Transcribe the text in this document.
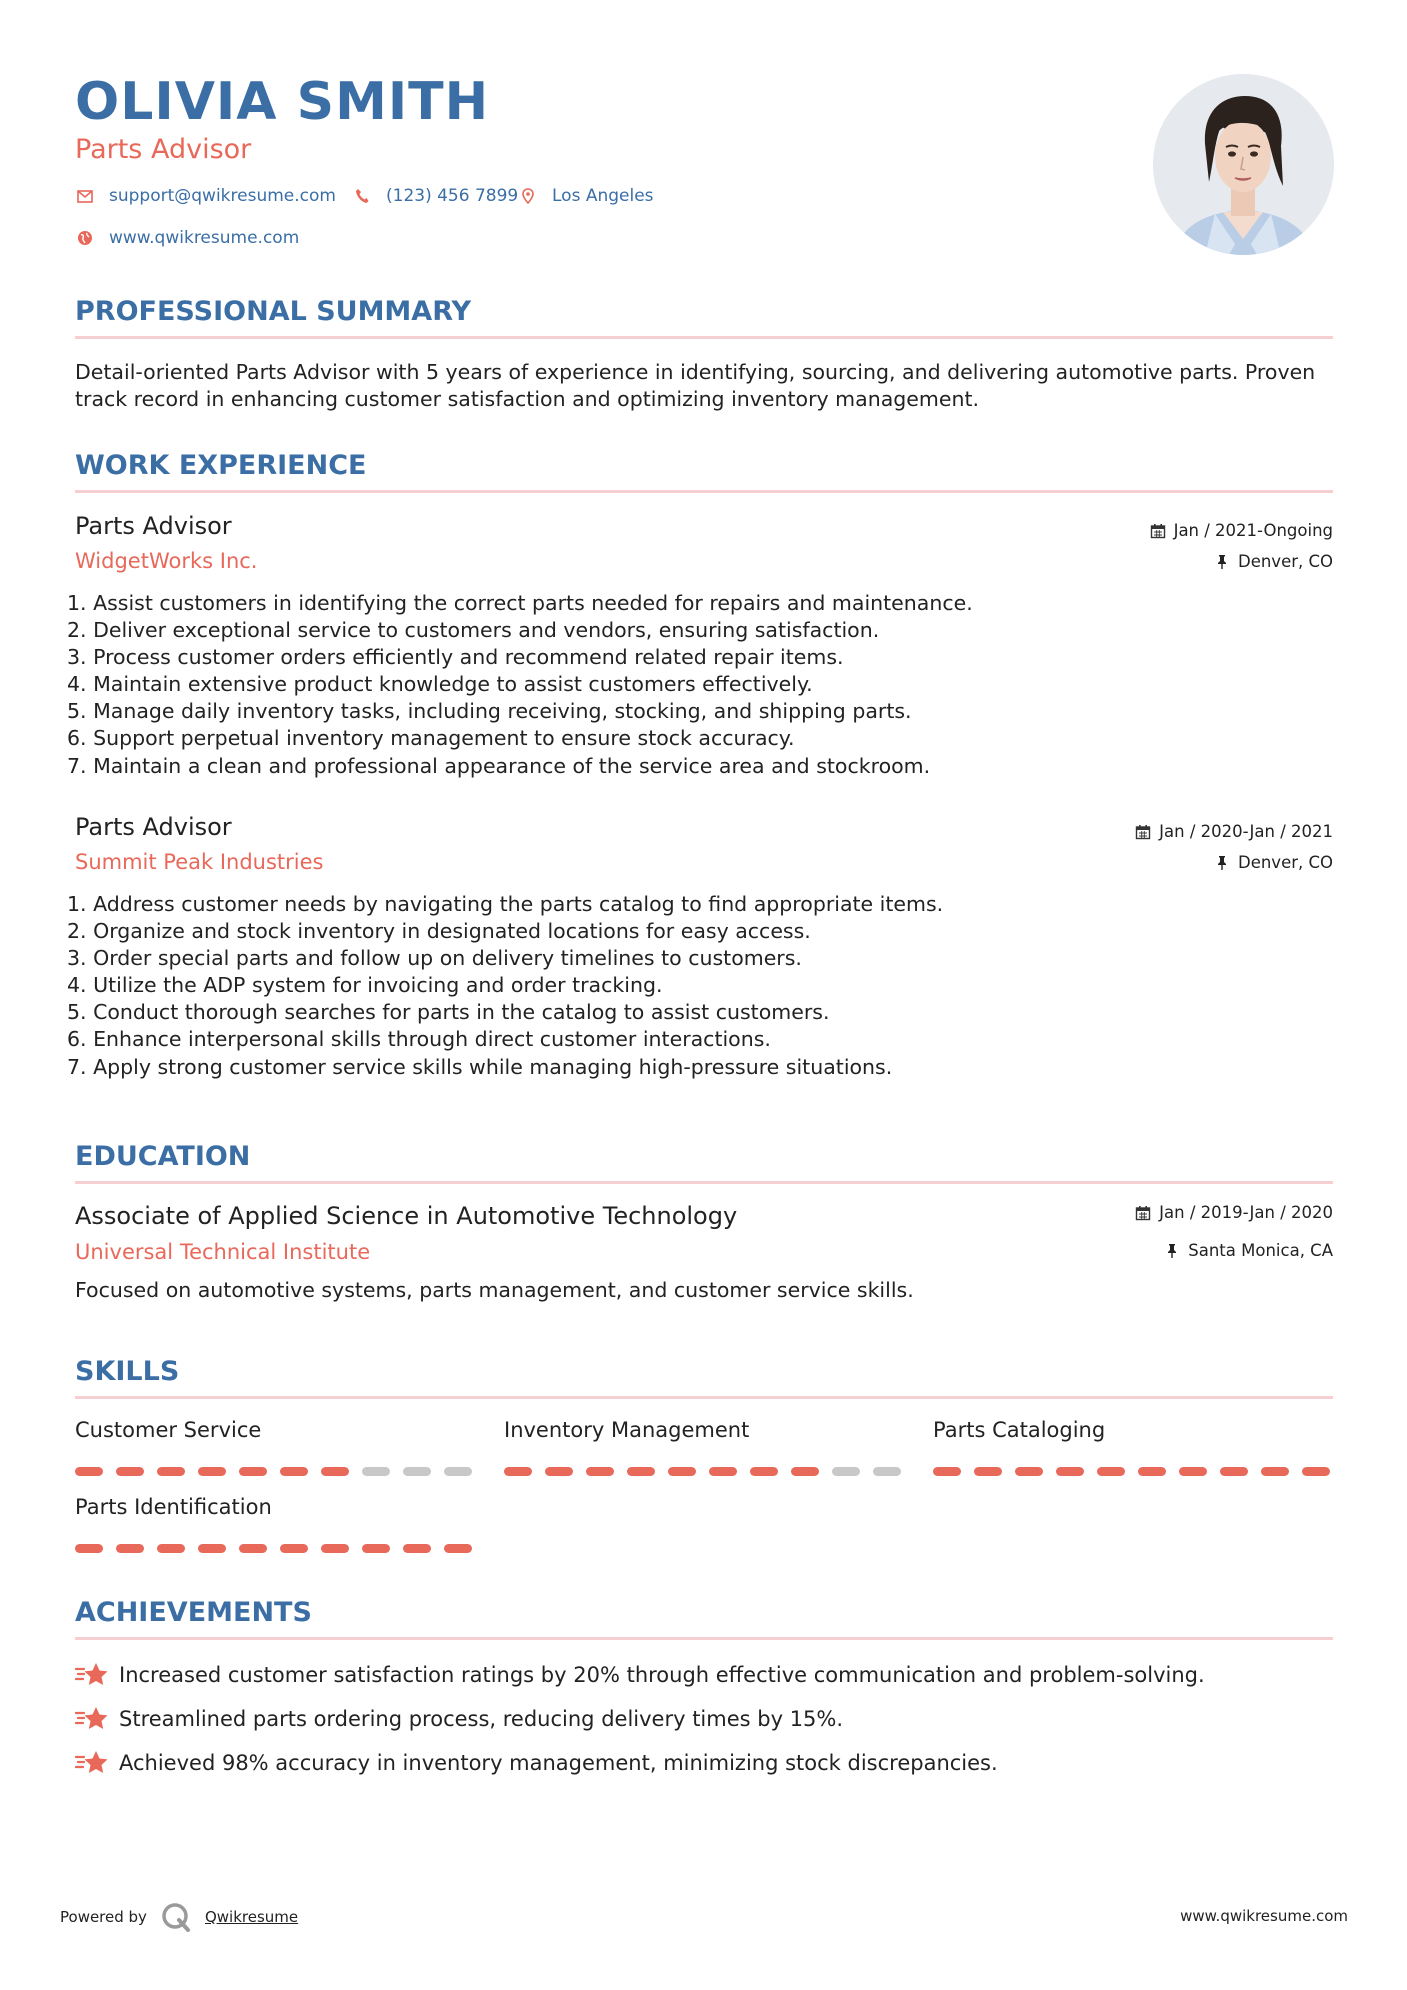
OLIVIA SMITH
Parts Advisor
support@qwikresume.com	(123) 456 7899 Los Angeles
www.qwikresume.com
PROFESSIONAL SUMMARY
Detail-oriented Parts Advisor with 5 years of experience in identifying, sourcing, and delivering automotive parts. Proven
track record in enhancing customer satisfaction and optimizing inventory management.
WORK EXPERIENCE
Parts Advisor
WidgetWorks Inc.
Jan / 2021-Ongoing
Denver, CO
1. Assist customers in identifying the correct parts needed for repairs and maintenance.
2. Deliver exceptional service to customers and vendors, ensuring satisfaction.
3. Process customer orders efficiently and recommend related repair items.
4. Maintain extensive product knowledge to assist customers effectively.
5. Manage daily inventory tasks, including receiving, stocking, and shipping parts.
6. Support perpetual inventory management to ensure stock accuracy.
7. Maintain a clean and professional appearance of the service area and stockroom.
Parts Advisor
Summit Peak Industries
Jan / 2020-Jan / 2021
Denver, CO
1. Address customer needs by navigating the parts catalog to find appropriate items.
2. Organize and stock inventory in designated locations for easy access.
3. Order special parts and follow up on delivery timelines to customers.
4. Utilize the ADP system for invoicing and order tracking.
5. Conduct thorough searches for parts in the catalog to assist customers.
6. Enhance interpersonal skills through direct customer interactions.
7. Apply strong customer service skills while managing high-pressure situations.
EDUCATION
Associate of Applied Science in Automotive Technology
Universal Technical Institute
Focused on automotive systems, parts management, and customer service skills.
Jan / 2019-Jan / 2020
Santa Monica, CA
SKILLS
Customer Service	Inventory Management	Parts Cataloging
Parts Identification
ACHIEVEMENTS
Increased customer satisfaction ratings by 20% through effective communication and problem-solving.
Streamlined parts ordering process, reducing delivery times by 15%.
Achieved 98% accuracy in inventory management, minimizing stock discrepancies.
Powered by	Qwikresume	www.qwikresume.com
